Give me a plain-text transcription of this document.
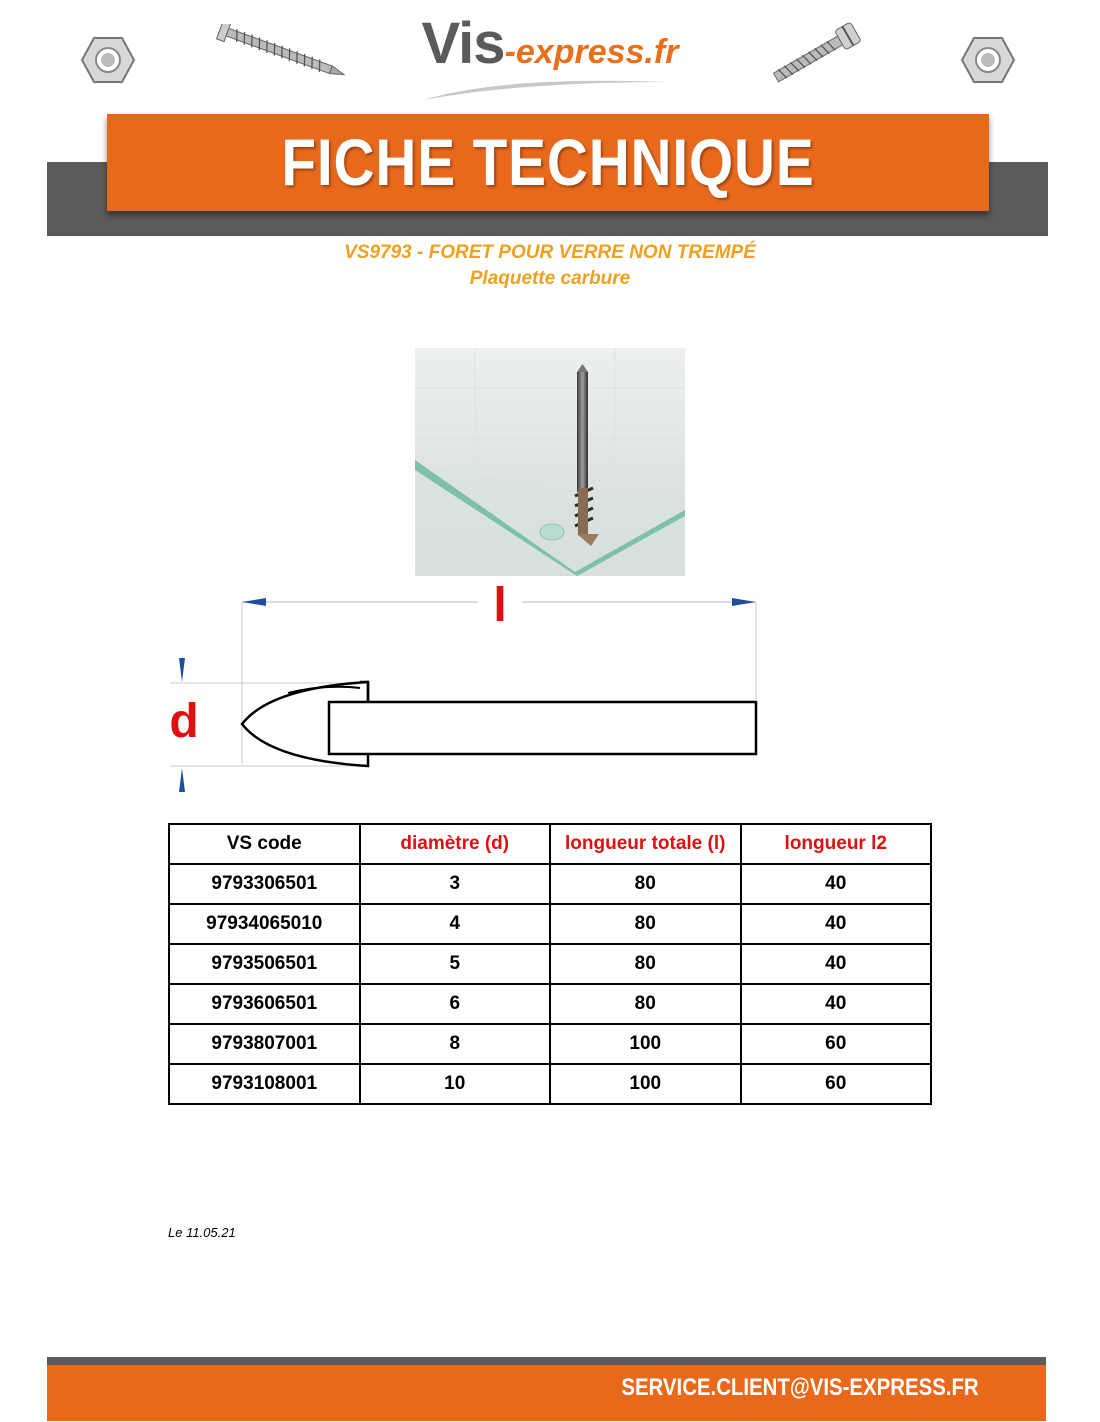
Vis-express.fr
FICHE TECHNIQUE
VS9793 - FORET POUR VERRE NON TREMPÉ
Plaquette carbure
l
d
VS code	diamètre (d)	longueur totale (l)	longueur l2
9793306501	3	80	40
97934065010	4	80	40
9793506501	5	80	40
9793606501	6	80	40
9793807001	8	100	60
9793108001	10	100	60
Le 11.05.21
SERVICE.CLIENT@VIS-EXPRESS.FR
